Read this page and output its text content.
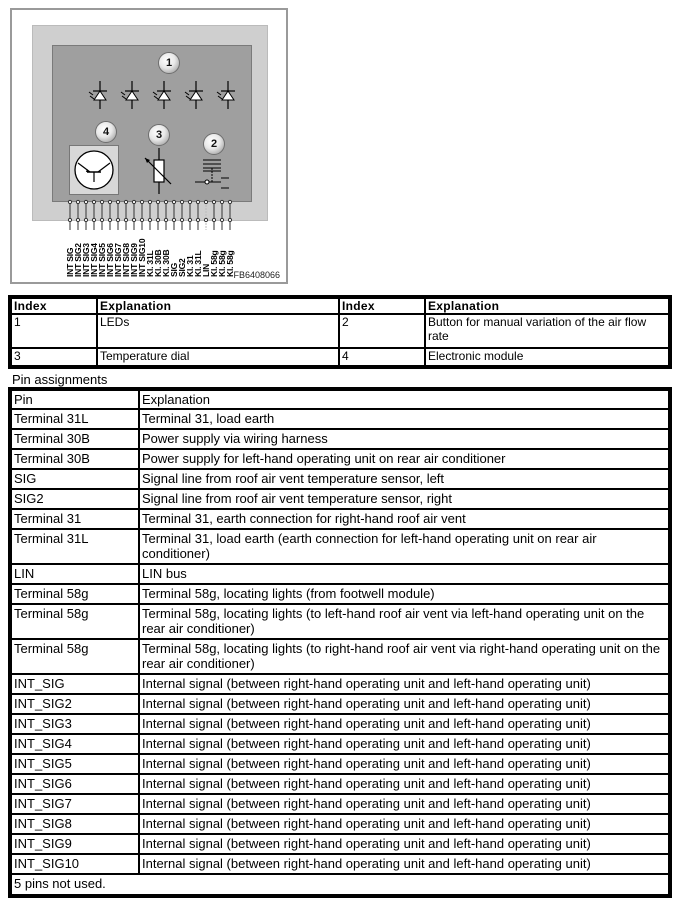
1
4	3
2
INT SIG
INT SIG2
INT SIG3
INT SIG4
INT SIG5
INT SIG6
INT SIG7
INT SIG8
INT SIG9
INT SIG10
Kl. 31L
Kl. 30B
Kl. 30B
SIG
SIG2
Kl. 31
Kl. 31L
LIN
Kl. 58g
Kl. 58g
Kl. 58g
FB6408066
Index	Explanation	Index	Explanation
1	LEDs	2	Button for manual variation of the air flow rate
3	Temperature dial	4	Electronic module
Pin assignments
Pin	Explanation
Terminal 31L	Terminal 31, load earth
Terminal 30B	Power supply via wiring harness
Terminal 30B	Power supply for left-hand operating unit on rear air conditioner
SIG	Signal line from roof air vent temperature sensor, left
SIG2	Signal line from roof air vent temperature sensor, right
Terminal 31	Terminal 31, earth connection for right-hand roof air vent
Terminal 31L	Terminal 31, load earth (earth connection for left-hand operating unit on rear air conditioner)
LIN	LIN bus
Terminal 58g	Terminal 58g, locating lights (from footwell module)
Terminal 58g	Terminal 58g, locating lights (to left-hand roof air vent via left-hand operating unit on the rear air conditioner)
Terminal 58g	Terminal 58g, locating lights (to right-hand roof air vent via right-hand operating unit on the rear air conditioner)
INT_SIG	Internal signal (between right-hand operating unit and left-hand operating unit)
INT_SIG2	Internal signal (between right-hand operating unit and left-hand operating unit)
INT_SIG3	Internal signal (between right-hand operating unit and left-hand operating unit)
INT_SIG4	Internal signal (between right-hand operating unit and left-hand operating unit)
INT_SIG5	Internal signal (between right-hand operating unit and left-hand operating unit)
INT_SIG6	Internal signal (between right-hand operating unit and left-hand operating unit)
INT_SIG7	Internal signal (between right-hand operating unit and left-hand operating unit)
INT_SIG8	Internal signal (between right-hand operating unit and left-hand operating unit)
INT_SIG9	Internal signal (between right-hand operating unit and left-hand operating unit)
INT_SIG10	Internal signal (between right-hand operating unit and left-hand operating unit)
5 pins not used.	
